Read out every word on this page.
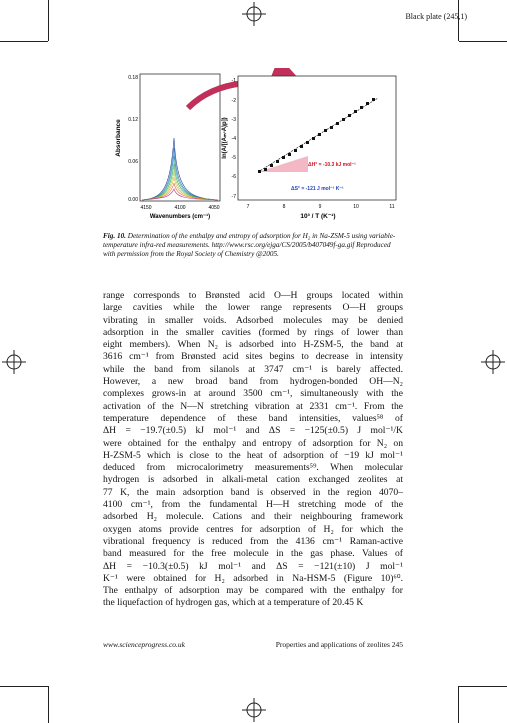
Black plate (245,1)
Absorbance
0.18
0.12
0.06
0.00
4150	4100	4050
Wavenumbers (cm⁻¹)
ln(A/[(Aₘ-A)p])
-1
-2
-3
-4
-5
-6
-7
7	8	9	10	11
10³ / T (K⁻¹)
ΔH° = -10.3 kJ mol⁻¹
ΔS° = -121 J mol⁻¹ K⁻¹
Fig. 10. Determination of the enthalpy and entropy of adsorption for H₂ in Na-ZSM-5 using variable-temperature infra-red measurements. http://www.rsc.org/ejga/CS/2005/b407049f-ga.gif Reproduced with permission from the Royal Society of Chemistry @2005.

range corresponds to Brønsted acid O—H groups located within

large cavities while the lower range represents O—H groups

vibrating in smaller voids. Adsorbed molecules may be denied

adsorption in the smaller cavities (formed by rings of lower than

eight members). When N₂ is adsorbed into H-ZSM-5, the band at

3616 cm⁻¹ from Brønsted acid sites begins to decrease in intensity

while the band from silanols at 3747 cm⁻¹ is barely affected.

However, a new broad band from hydrogen-bonded OH—N₂

complexes grows-in at around 3500 cm⁻¹, simultaneously with the

activation of the N—N stretching vibration at 2331 cm⁻¹. From the

temperature dependence of these band intensities, values⁵⁸ of

ΔH = −19.7(±0.5) kJ mol⁻¹ and ΔS = −125(±0.5) J mol⁻¹/K

were obtained for the enthalpy and entropy of adsorption for N₂ on

H-ZSM-5 which is close to the heat of adsorption of −19 kJ mol⁻¹

deduced from microcalorimetry measurements⁵⁹. When molecular

hydrogen is adsorbed in alkali-metal cation exchanged zeolites at

77 K, the main adsorption band is observed in the region 4070–

4100 cm⁻¹, from the fundamental H—H stretching mode of the

adsorbed H₂ molecule. Cations and their neighbouring framework

oxygen atoms provide centres for adsorption of H₂ for which the

vibrational frequency is reduced from the 4136 cm⁻¹ Raman-active

band measured for the free molecule in the gas phase. Values of

ΔH = −10.3(±0.5) kJ mol⁻¹ and ΔS = −121(±10) J mol⁻¹

K⁻¹ were obtained for H₂ adsorbed in Na-HSM-5 (Figure 10)⁶⁰.

The enthalpy of adsorption may be compared with the enthalpy for

the liquefaction of hydrogen gas, which at a temperature of 20.45 K

www.scienceprogress.co.uk	Properties and applications of zeolites 245
